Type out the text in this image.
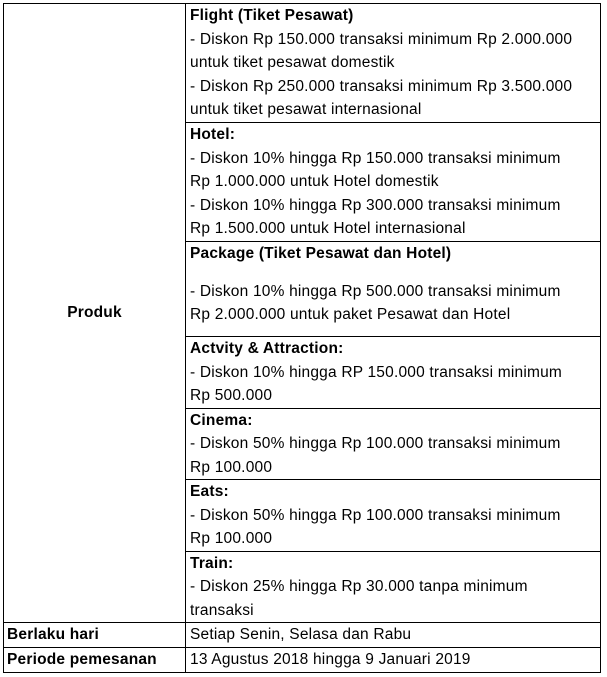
Produk	Flight (Tiket Pesawat)
- Diskon Rp 150.000 transaksi minimum Rp 2.000.000
untuk tiket pesawat domestik
- Diskon Rp 250.000 transaksi minimum Rp 3.500.000
untuk tiket pesawat internasional

	Hotel:
- Diskon 10% hingga Rp 150.000 transaksi minimum
Rp 1.000.000 untuk Hotel domestik
- Diskon 10% hingga Rp 300.000 transaksi minimum
Rp 1.500.000 untuk Hotel internasional

	Package (Tiket Pesawat dan Hotel)
- Diskon 10% hingga Rp 500.000 transaksi minimum
Rp 2.000.000 untuk paket Pesawat dan Hotel

	Actvity & Attraction:
- Diskon 10% hingga RP 150.000 transaksi minimum
Rp 500.000

	Cinema:
- Diskon 50% hingga Rp 100.000 transaksi minimum
Rp 100.000

	Eats:
- Diskon 50% hingga Rp 100.000 transaksi minimum
Rp 100.000

	Train:
- Diskon 25% hingga Rp 30.000 tanpa minimum
transaksi

Berlaku hari	Setiap Senin, Selasa dan Rabu
Periode pemesanan	13 Agustus 2018 hingga 9 Januari 2019
